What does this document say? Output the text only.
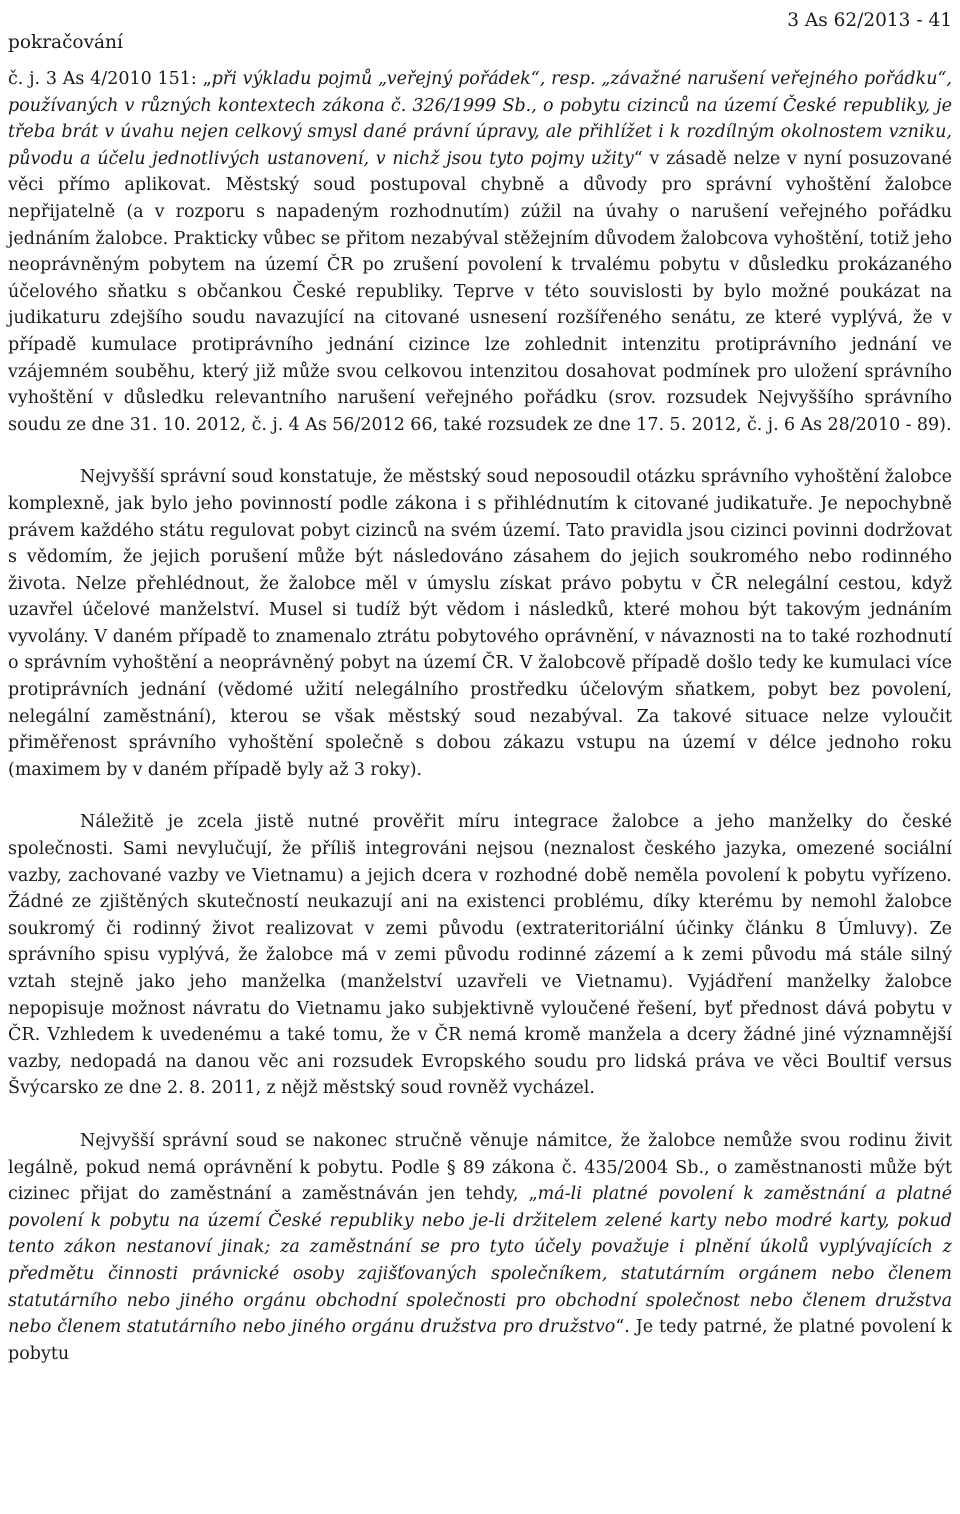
pokračování
3 As 62/2013 - 41

č. j. 3 As 4/2010 151: „při výkladu pojmů „veřejný pořádek“, resp. „závažné narušení veřejného pořádku“, používaných v různých kontextech zákona č. 326/1999 Sb., o pobytu cizinců na území České republiky, je třeba brát v úvahu nejen celkový smysl dané právní úpravy, ale přihlížet i k rozdílným okolnostem vzniku, původu a účelu jednotlivých ustanovení, v nichž jsou tyto pojmy užity“ v zásadě nelze v nyní posuzované věci přímo aplikovat. Městský soud postupoval chybně a důvody pro správní vyhoštění žalobce nepřijatelně (a v rozporu s napadeným rozhodnutím) zúžil na úvahy o narušení veřejného pořádku jednáním žalobce. Prakticky vůbec se přitom nezabýval stěžejním důvodem žalobcova vyhoštění, totiž jeho neoprávněným pobytem na území ČR po zrušení povolení k trvalému pobytu v důsledku prokázaného účelového sňatku s občankou České republiky. Teprve v této souvislosti by bylo možné poukázat na judikaturu zdejšího soudu navazující na citované usnesení rozšířeného senátu, ze které vyplývá, že v případě kumulace protiprávního jednání cizince lze zohlednit intenzitu protiprávního jednání ve vzájemném souběhu, který již může svou celkovou intenzitou dosahovat podmínek pro uložení správního vyhoštění v důsledku relevantního narušení veřejného pořádku (srov. rozsudek Nejvyššího správního soudu ze dne 31. 10. 2012, č. j. 4 As 56/2012 66, také rozsudek ze dne 17. 5. 2012, č. j. 6 As 28/2010 - 89).

Nejvyšší správní soud konstatuje, že městský soud neposoudil otázku správního vyhoštění žalobce komplexně, jak bylo jeho povinností podle zákona i s přihlédnutím k citované judikatuře. Je nepochybně právem každého státu regulovat pobyt cizinců na svém území. Tato pravidla jsou cizinci povinni dodržovat s vědomím, že jejich porušení může být následováno zásahem do jejich soukromého nebo rodinného života. Nelze přehlédnout, že žalobce měl v úmyslu získat právo pobytu v ČR nelegální cestou, když uzavřel účelové manželství. Musel si tudíž být vědom i následků, které mohou být takovým jednáním vyvolány. V daném případě to znamenalo ztrátu pobytového oprávnění, v návaznosti na to také rozhodnutí o správním vyhoštění a neoprávněný pobyt na území ČR. V žalobcově případě došlo tedy ke kumulaci více protiprávních jednání (vědomé užití nelegálního prostředku účelovým sňatkem, pobyt bez povolení, nelegální zaměstnání), kterou se však městský soud nezabýval. Za takové situace nelze vyloučit přiměřenost správního vyhoštění společně s dobou zákazu vstupu na území v délce jednoho roku (maximem by v daném případě byly až 3 roky).

Náležitě je zcela jistě nutné prověřit míru integrace žalobce a jeho manželky do české společnosti. Sami nevylučují, že příliš integrováni nejsou (neznalost českého jazyka, omezené sociální vazby, zachované vazby ve Vietnamu) a jejich dcera v rozhodné době neměla povolení k pobytu vyřízeno. Žádné ze zjištěných skutečností neukazují ani na existenci problému, díky kterému by nemohl žalobce soukromý či rodinný život realizovat v zemi původu (extrateritoriální účinky článku 8 Úmluvy). Ze správního spisu vyplývá, že žalobce má v zemi původu rodinné zázemí a k zemi původu má stále silný vztah stejně jako jeho manželka (manželství uzavřeli ve Vietnamu). Vyjádření manželky žalobce nepopisuje možnost návratu do Vietnamu jako subjektivně vyloučené řešení, byť přednost dává pobytu v ČR. Vzhledem k uvedenému a také tomu, že v ČR nemá kromě manžela a dcery žádné jiné významnější vazby, nedopadá na danou věc ani rozsudek Evropského soudu pro lidská práva ve věci Boultif versus Švýcarsko ze dne 2. 8. 2011, z nějž městský soud rovněž vycházel.

Nejvyšší správní soud se nakonec stručně věnuje námitce, že žalobce nemůže svou rodinu živit legálně, pokud nemá oprávnění k pobytu. Podle § 89 zákona č. 435/2004 Sb., o zaměstnanosti může být cizinec přijat do zaměstnání a zaměstnáván jen tehdy, „má-li platné povolení k zaměstnání a platné povolení k pobytu na území České republiky nebo je-li držitelem zelené karty nebo modré karty, pokud tento zákon nestanoví jinak; za zaměstnání se pro tyto účely považuje i plnění úkolů vyplývajících z předmětu činnosti právnické osoby zajišťovaných společníkem, statutárním orgánem nebo členem statutárního nebo jiného orgánu obchodní společnosti pro obchodní společnost nebo členem družstva nebo členem statutárního nebo jiného orgánu družstva pro družstvo“. Je tedy patrné, že platné povolení k pobytu
